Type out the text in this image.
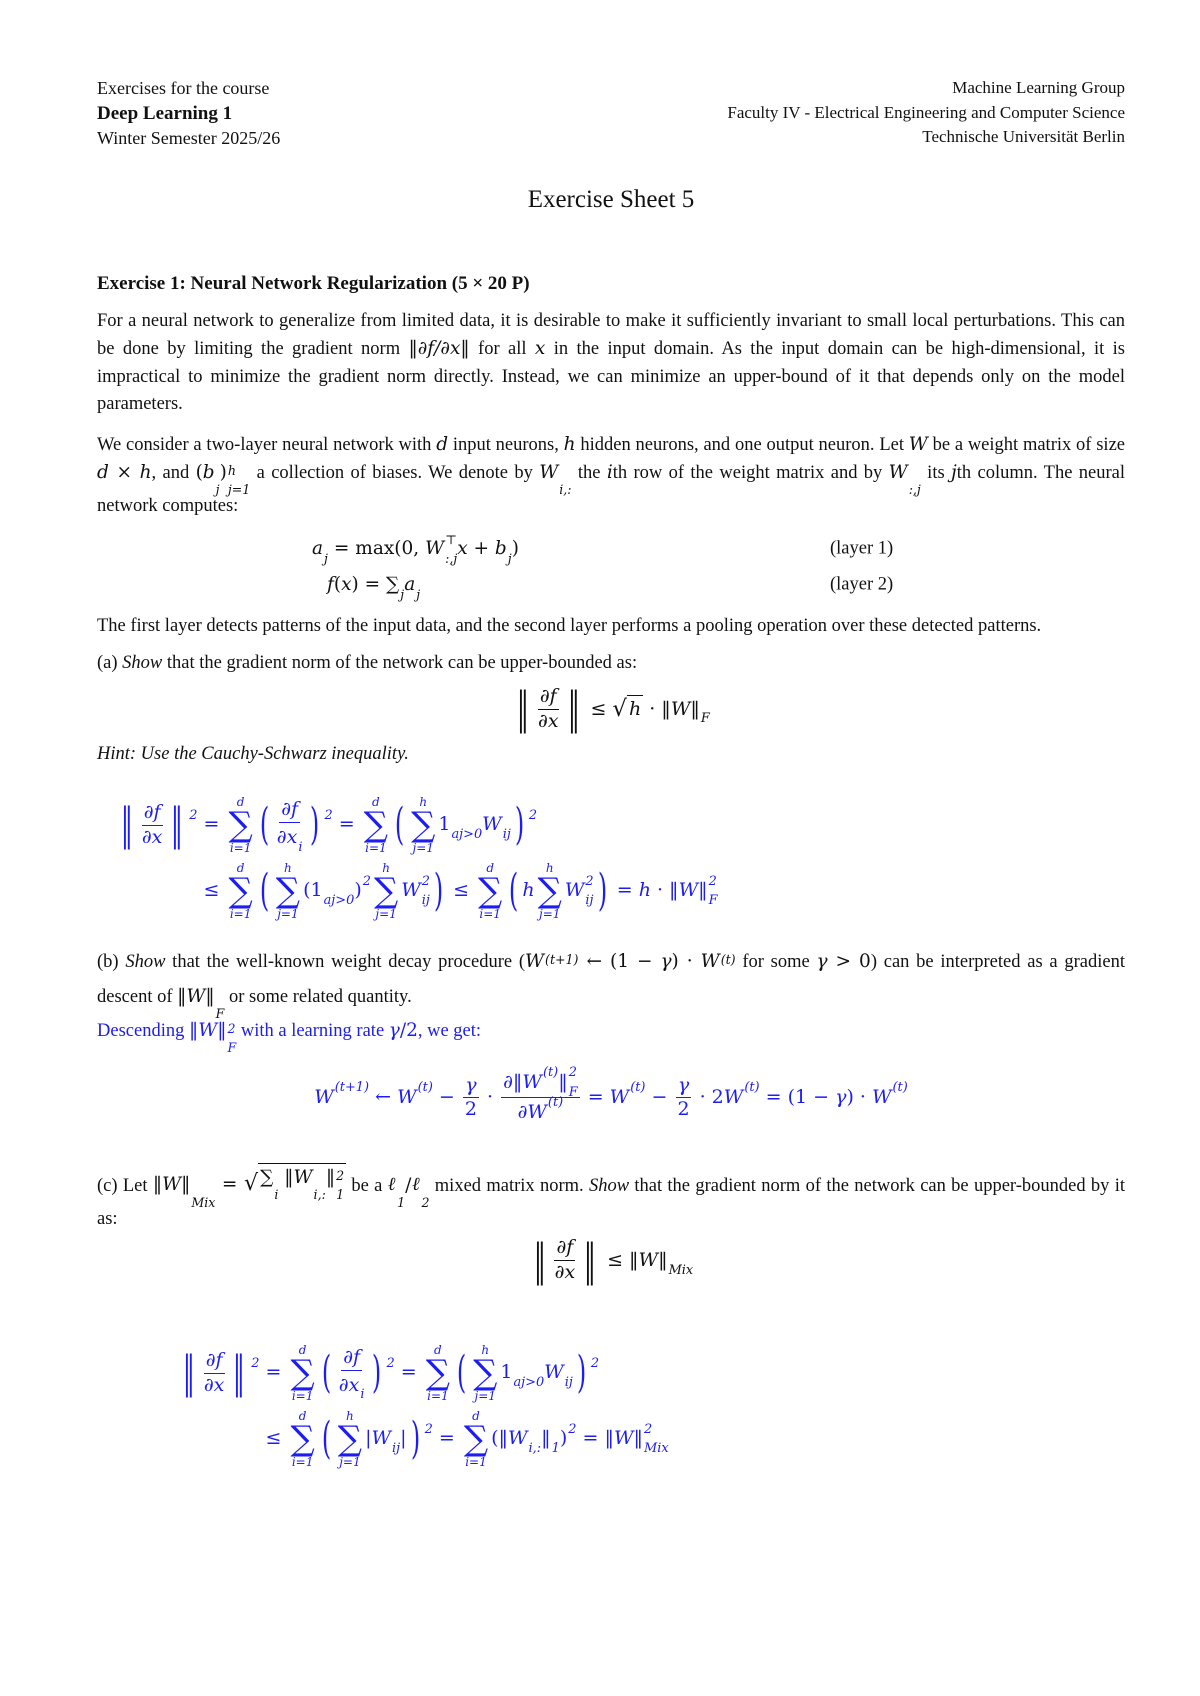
Exercises for the course
Deep Learning 1
Winter Semester 2025/26
Machine Learning Group
Faculty IV - Electrical Engineering and Computer Science
Technische Universität Berlin
Exercise Sheet 5
Exercise 1: Neural Network Regularization (5 × 20 P)

For a neural network to generalize from limited data, it is desirable to make it sufficiently invariant to small local perturbations. This can be done by limiting the gradient norm ‖∂f/∂x‖ for all x in the input domain. As the input domain can be high-dimensional, it is impractical to minimize the gradient norm directly. Instead, we can minimize an upper-bound of it that depends only on the model parameters.

We consider a two-layer neural network with d input neurons, h hidden neurons, and one output neuron. Let W be a weight matrix of size d × h, and (b

j
) h
j=1
a collection of biases. We denote by W

i,:
the ith row of the weight matrix and by W

:,j
its jth column. The neural network computes:

a
j = max(0, W ⊤
:,j x + b
j )	(layer 1)
f ( x ) = ∑
j a
j
(layer 2)

The first layer detects patterns of the input data, and the second layer performs a pooling operation over these detected patterns.

(a) Show that the gradient norm of the network can be upper-bounded as:

‖ $\frac{\partial f}{\partial x}$ ‖ ≤ √ h · ‖ W ‖
F
Hint: Use the Cauchy-Schwarz inequality.
‖ $\frac{\partial f}{\partial x}$ ‖ 2
=
d
∑
i=1 ( ∂f
∂x
i ) 2
=
d
∑
i=1 ( h
∑
j=1
1
aj>0 W
ij ) 2

≤
d
∑
i=1 ( h
∑
j=1
( 1
aj>0 ) 2

h
∑
j=1
W 2
ij ) ≤
d
∑
i=1 ( h
h
∑
j=1
W 2
ij ) = h · ‖ W ‖ 2
F

(b) Show that the well-known weight decay procedure (W (t+1)
← (1 − γ) · W (t)
for some γ > 0) can be interpreted as a gradient descent of ‖W‖

F
or some related quantity.

Descending ‖W‖ 2
F
with a learning rate γ/2, we get:

W (t+1)
← W (t)
− $\frac{\gamma}{2}$ · ∂ ‖ W (t)
‖ 2
F
∂ W (t)
= W (t)
− $\frac{\gamma}{2} \cdot 2$ W (t)
= (1 − γ ) · W (t)

(c) Let ‖W‖

Mix
= √ ∑

i
‖W

i,:
‖ 2
1 be a ℓ

1
/ℓ

2
mixed matrix norm. Show that the gradient norm of the network can be upper-bounded by it as:

‖ $\frac{\partial f}{\partial x}$ ‖ ≤ ‖ W ‖
Mix
‖ $\frac{\partial f}{\partial x}$ ‖ 2
=
d
∑
i=1 ( ∂f
∂x
i ) 2
=
d
∑
i=1 ( h
∑
j=1
1
aj>0 W
ij ) 2

≤
d
∑
i=1 ( h
∑
j=1
| W
ij | ) 2
=
d
∑
i=1
(‖ W
i,: ‖
1 ) 2
= ‖ W ‖ 2
Mix
